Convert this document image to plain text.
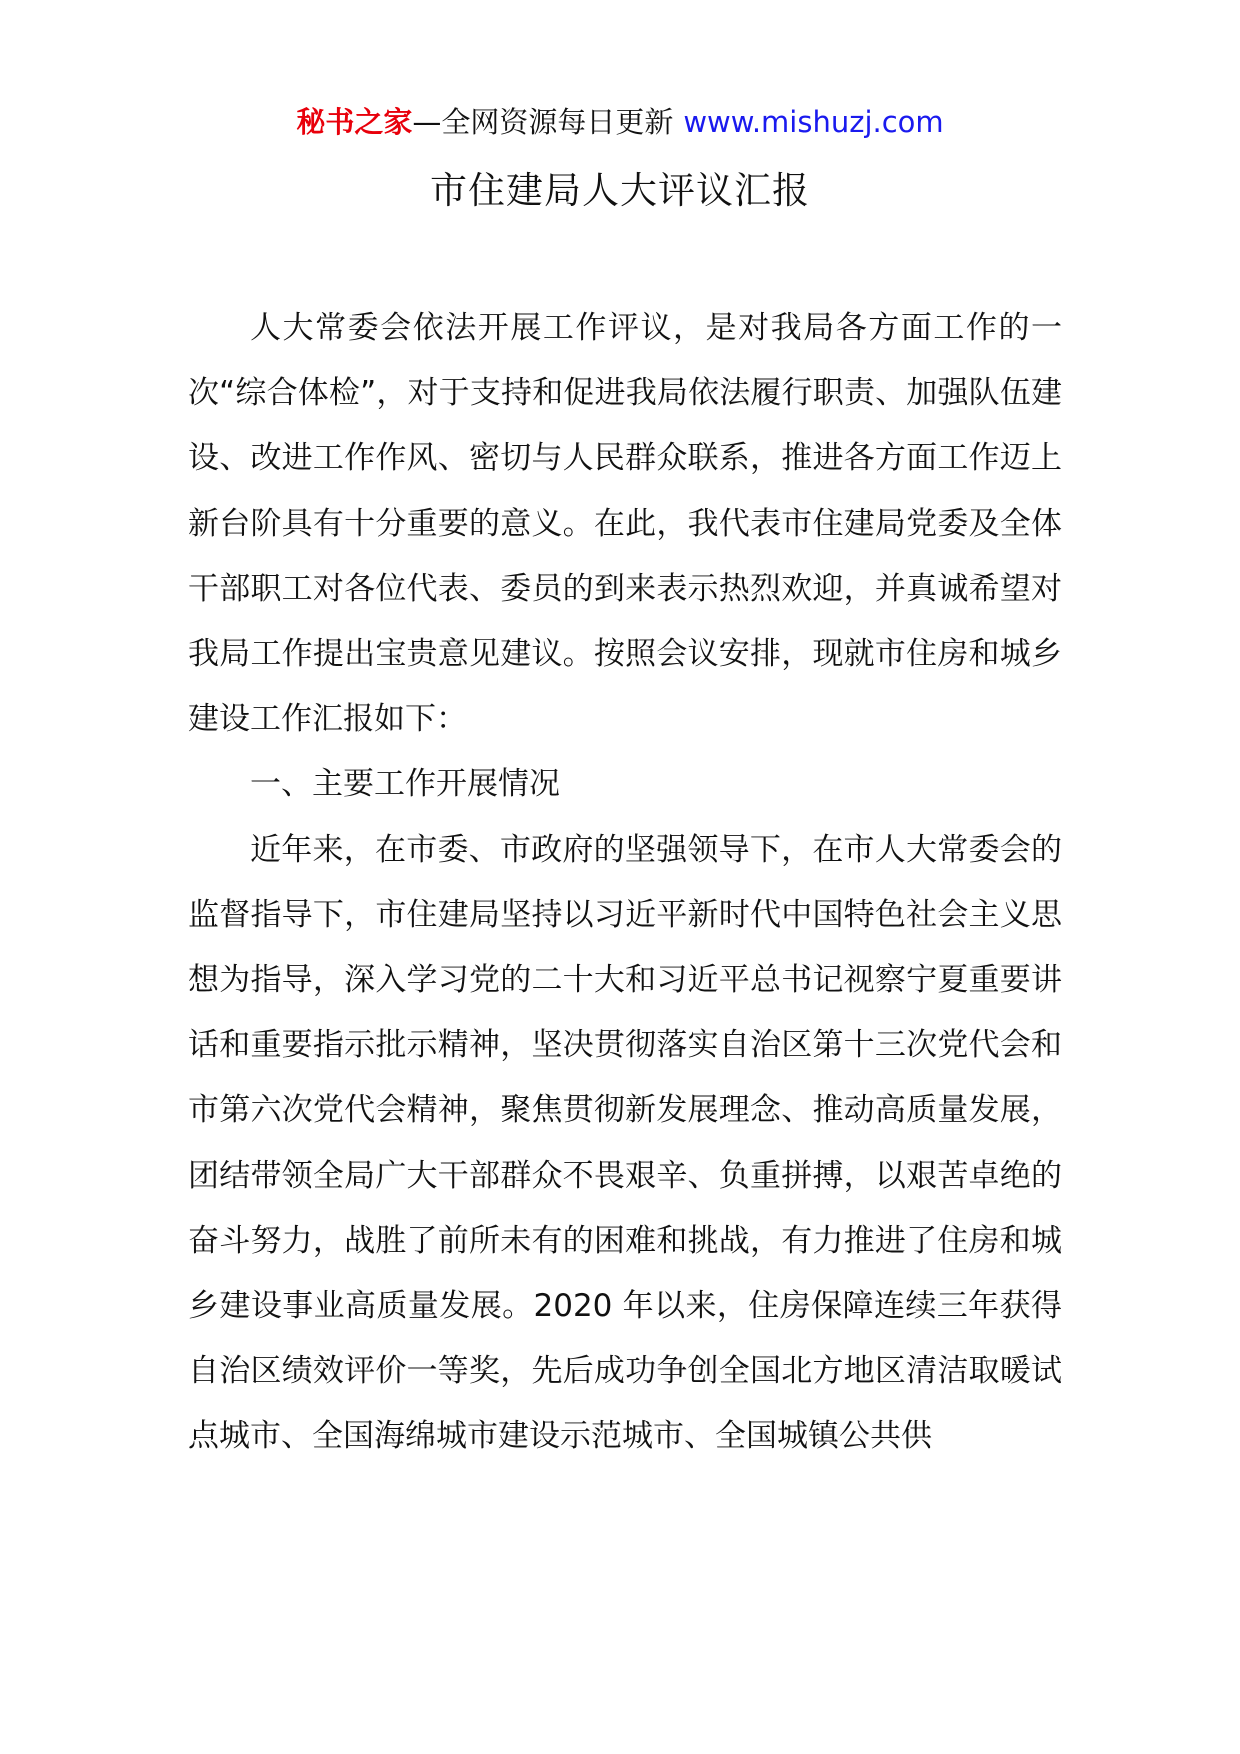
秘书之家—全网资源每日更新 www.mishuzj.com
市住建局人大评议汇报

人大常委会依法开展工作评议，是对我局各方面工作的一次“综合体检”，对于支持和促进我局依法履行职责、加强队伍建设、改进工作作风、密切与人民群众联系，推进各方面工作迈上新台阶具有十分重要的意义。在此，我代表市住建局党委及全体干部职工对各位代表、委员的到来表示热烈欢迎，并真诚希望对我局工作提出宝贵意见建议。按照会议安排，现就市住房和城乡建设工作汇报如下：

一、主要工作开展情况

近年来，在市委、市政府的坚强领导下，在市人大常委会的监督指导下，市住建局坚持以习近平新时代中国特色社会主义思想为指导，深入学习党的二十大和习近平总书记视察宁夏重要讲话和重要指示批示精神，坚决贯彻落实自治区第十三次党代会和市第六次党代会精神，聚焦贯彻新发展理念、推动高质量发展，团结带领全局广大干部群众不畏艰辛、负重拼搏，以艰苦卓绝的奋斗努力，战胜了前所未有的困难和挑战，有力推进了住房和城乡建设事业高质量发展。2020 年以来，住房保障连续三年获得自治区绩效评价一等奖，先后成功争创全国北方地区清洁取暖试点城市、全国海绵城市建设示范城市、全国城镇公共供
